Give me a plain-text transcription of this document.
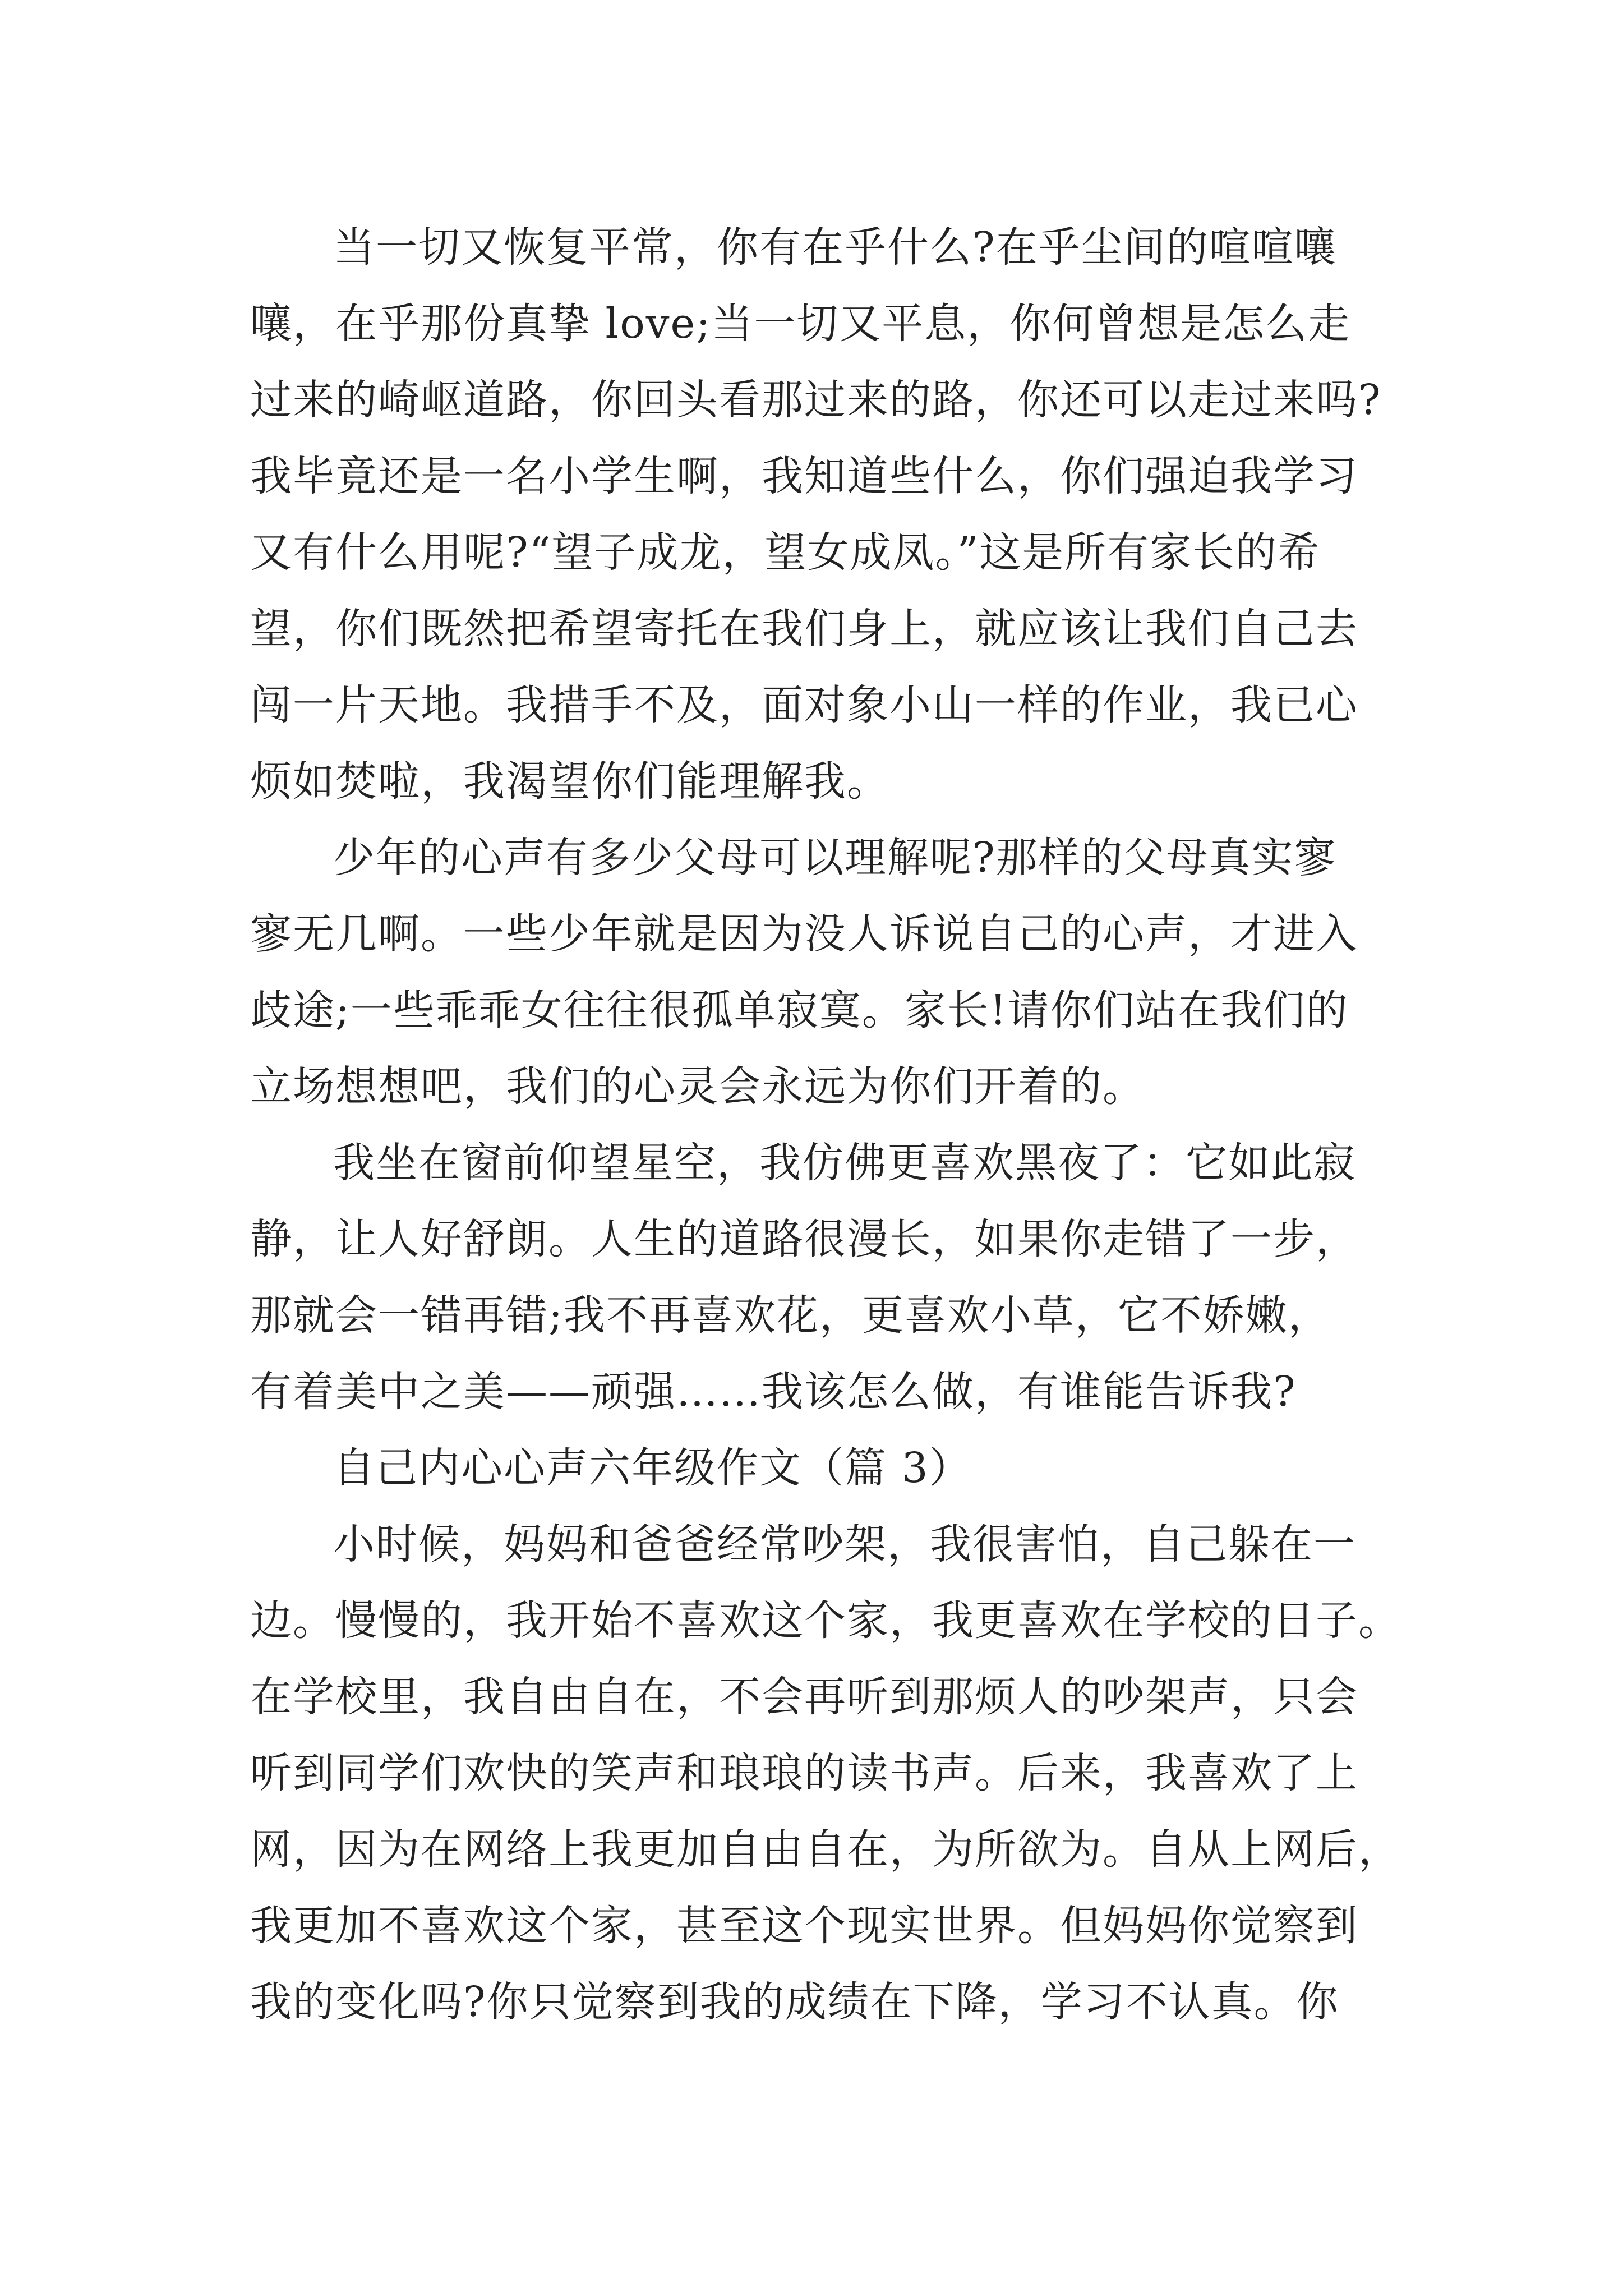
当一切又恢复平常，你有在乎什么?在乎尘间的喧喧嚷
嚷，在乎那份真挚 love;当一切又平息，你何曾想是怎么走
过来的崎岖道路，你回头看那过来的路，你还可以走过来吗?
我毕竟还是一名小学生啊，我知道些什么，你们强迫我学习
又有什么用呢?“望子成龙，望女成凤。”这是所有家长的希
望，你们既然把希望寄托在我们身上，就应该让我们自己去
闯一片天地。我措手不及，面对象小山一样的作业，我已心
烦如焚啦，我渴望你们能理解我。
少年的心声有多少父母可以理解呢?那样的父母真实寥
寥无几啊。一些少年就是因为没人诉说自己的心声，才进入
歧途;一些乖乖女往往很孤单寂寞。家长!请你们站在我们的
立场想想吧，我们的心灵会永远为你们开着的。
我坐在窗前仰望星空，我仿佛更喜欢黑夜了：它如此寂
静，让人好舒朗。人生的道路很漫长，如果你走错了一步，
那就会一错再错;我不再喜欢花，更喜欢小草，它不娇嫩，
有着美中之美——顽强……我该怎么做，有谁能告诉我?
自己内心心声六年级作文（篇 3）
小时候，妈妈和爸爸经常吵架，我很害怕，自己躲在一
边。慢慢的，我开始不喜欢这个家，我更喜欢在学校的日子。
在学校里，我自由自在，不会再听到那烦人的吵架声，只会
听到同学们欢快的笑声和琅琅的读书声。后来，我喜欢了上
网，因为在网络上我更加自由自在，为所欲为。自从上网后，
我更加不喜欢这个家，甚至这个现实世界。但妈妈你觉察到
我的变化吗?你只觉察到我的成绩在下降，学习不认真。你
